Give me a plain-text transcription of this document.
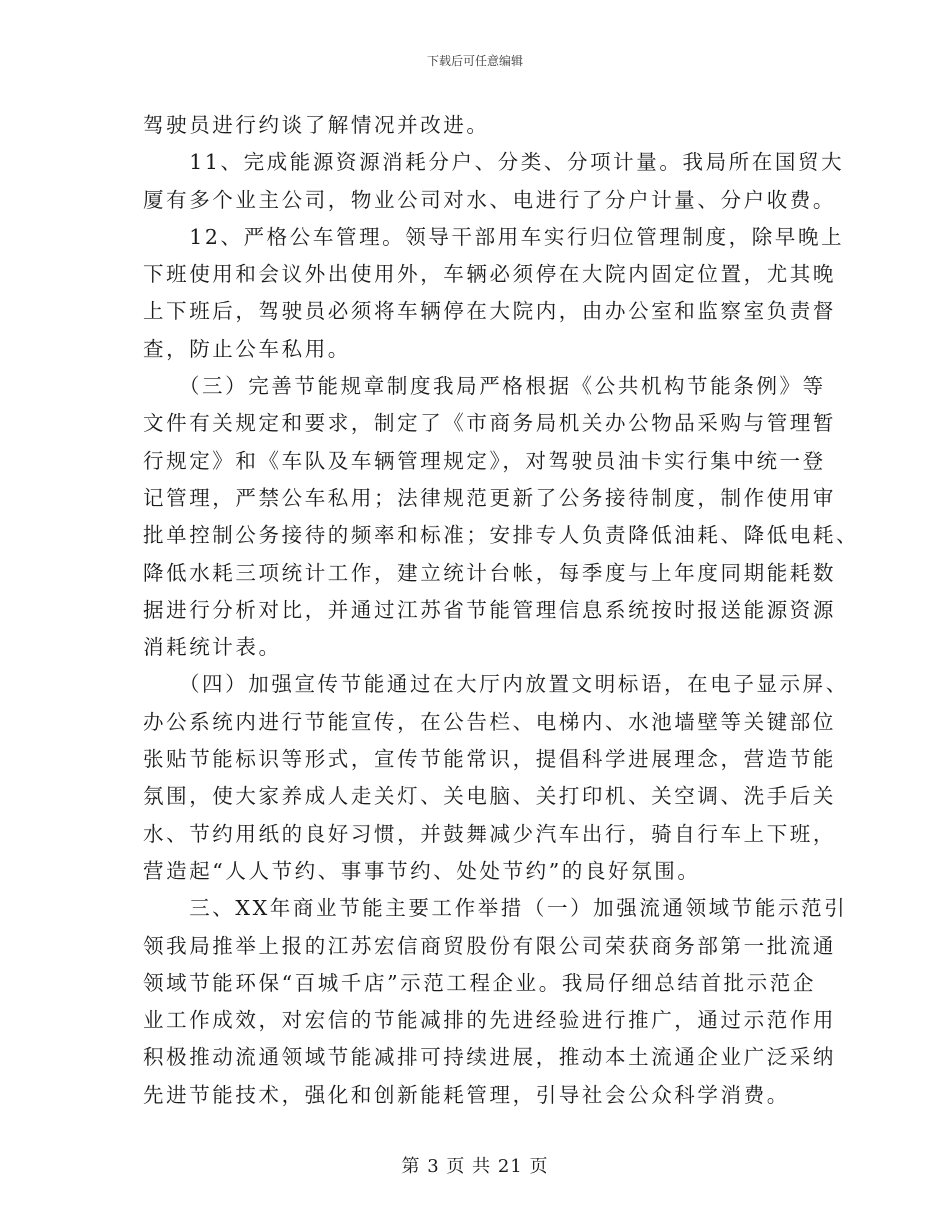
下载后可任意编辑
驾驶员进行约谈了解情况并改进。
　　11、完成能源资源消耗分户、分类、分项计量。我局所在国贸大
厦有多个业主公司，物业公司对水、电进行了分户计量、分户收费。
　　12、严格公车管理。领导干部用车实行归位管理制度，除早晚上
下班使用和会议外出使用外，车辆必须停在大院内固定位置，尤其晚
上下班后，驾驶员必须将车辆停在大院内，由办公室和监察室负责督
查，防止公车私用。
　　（三）完善节能规章制度我局严格根据《公共机构节能条例》等
文件有关规定和要求，制定了《市商务局机关办公物品采购与管理暂
行规定》和《车队及车辆管理规定》，对驾驶员油卡实行集中统一登
记管理，严禁公车私用；法律规范更新了公务接待制度，制作使用审
批单控制公务接待的频率和标准；安排专人负责降低油耗、降低电耗、
降低水耗三项统计工作，建立统计台帐，每季度与上年度同期能耗数
据进行分析对比，并通过江苏省节能管理信息系统按时报送能源资源
消耗统计表。
　　（四）加强宣传节能通过在大厅内放置文明标语，在电子显示屏、
办公系统内进行节能宣传，在公告栏、电梯内、水池墙壁等关键部位
张贴节能标识等形式，宣传节能常识，提倡科学进展理念，营造节能
氛围，使大家养成人走关灯、关电脑、关打印机、关空调、洗手后关
水、节约用纸的良好习惯，并鼓舞减少汽车出行，骑自行车上下班，
营造起“人人节约、事事节约、处处节约”的良好氛围。
　　三、XX年商业节能主要工作举措（一）加强流通领域节能示范引
领我局推举上报的江苏宏信商贸股份有限公司荣获商务部第一批流通
领域节能环保“百城千店”示范工程企业。我局仔细总结首批示范企
业工作成效，对宏信的节能减排的先进经验进行推广，通过示范作用
积极推动流通领域节能减排可持续进展，推动本土流通企业广泛采纳
先进节能技术，强化和创新能耗管理，引导社会公众科学消费。
第 3 页 共 21 页
